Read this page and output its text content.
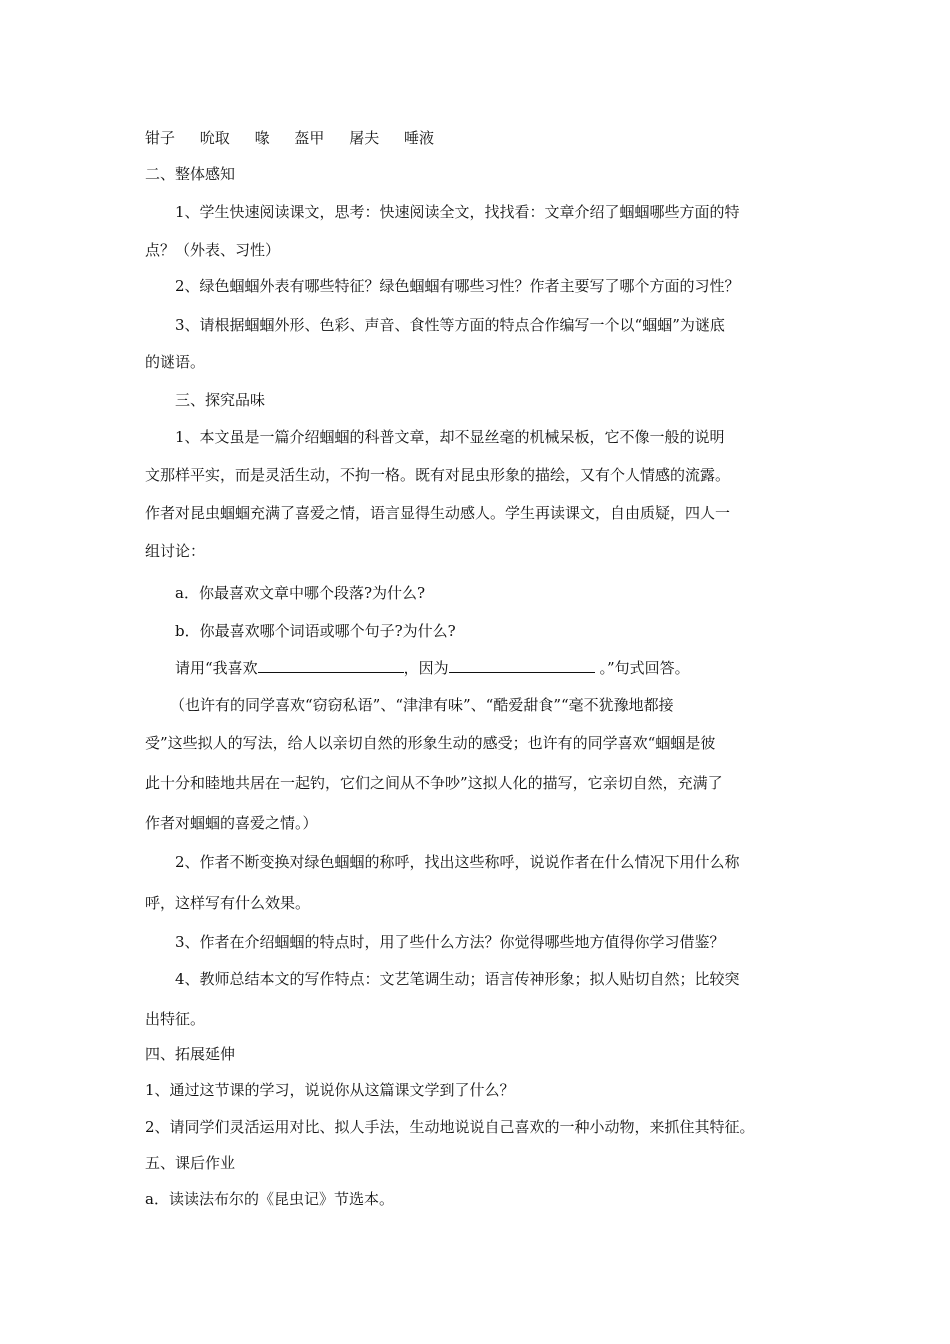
钳子 吮取 喙 盔甲 屠夫 唾液
二、整体感知
1、学生快速阅读课文，思考：快速阅读全文，找找看：文章介绍了蝈蝈哪些方面的特
点？（外表、习性）
2、绿色蝈蝈外表有哪些特征？绿色蝈蝈有哪些习性？作者主要写了哪个方面的习性？
3、请根据蝈蝈外形、色彩、声音、食性等方面的特点合作编写一个以“蝈蝈”为谜底
的谜语。
三、探究品味
1、本文虽是一篇介绍蝈蝈的科普文章，却不显丝毫的机械呆板，它不像一般的说明
文那样平实，而是灵活生动，不拘一格。既有对昆虫形象的描绘，又有个人情感的流露。
作者对昆虫蝈蝈充满了喜爱之情，语言显得生动感人。学生再读课文，自由质疑，四人一
组讨论：
a．你最喜欢文章中哪个段落?为什么?
b．你最喜欢哪个词语或哪个句子?为什么?
请用“我喜欢	，因为	。”句式回答。
（也许有的同学喜欢“窃窃私语”、“津津有味”、“酷爱甜食”“毫不犹豫地都接
受”这些拟人的写法，给人以亲切自然的形象生动的感受；也许有的同学喜欢“蝈蝈是彼
此十分和睦地共居在一起钓，它们之间从不争吵”这拟人化的描写，它亲切自然，充满了
作者对蝈蝈的喜爱之情。）
2、作者不断变换对绿色蝈蝈的称呼，找出这些称呼，说说作者在什么情况下用什么称
呼，这样写有什么效果。
3、作者在介绍蝈蝈的特点时，用了些什么方法？你觉得哪些地方值得你学习借鉴？
4、教师总结本文的写作特点：文艺笔调生动；语言传神形象；拟人贴切自然；比较突
出特征。
四、拓展延伸
1、通过这节课的学习，说说你从这篇课文学到了什么？
2、请同学们灵活运用对比、拟人手法，生动地说说自己喜欢的一种小动物，来抓住其特征。
五、课后作业
a．读读法布尔的《昆虫记》节选本。
